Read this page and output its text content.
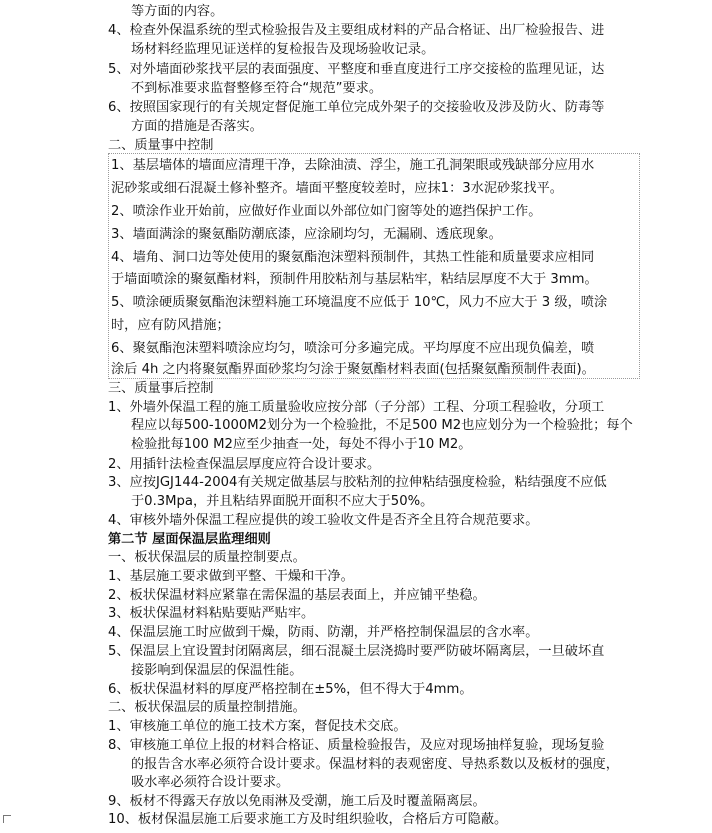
等方面的内容。
4、检查外保温系统的型式检验报告及主要组成材料的产品合格证、出厂检验报告、进
场材料经监理见证送样的复检报告及现场验收记录。
5、对外墙面砂浆找平层的表面强度、平整度和垂直度进行工序交接检的监理见证，达
不到标准要求监督整修至符合“规范”要求。
6、按照国家现行的有关规定督促施工单位完成外架子的交接验收及涉及防火、防毒等
方面的措施是否落实。
二、质量事中控制
1、基层墙体的墙面应清理干净，去除油渍、浮尘，施工孔洞架眼或残缺部分应用水
泥砂浆或细石混凝土修补整齐。墙面平整度较差时，应抹1：3水泥砂浆找平。
2、喷涂作业开始前，应做好作业面以外部位如门窗等处的遮挡保护工作。
3、墙面满涂的聚氨酯防潮底漆，应涂刷均匀，无漏刷、透底现象。
4、墙角、洞口边等处使用的聚氨酯泡沫塑料预制件，其热工性能和质量要求应相同
于墙面喷涂的聚氨酯材料，预制件用胶粘剂与基层粘牢，粘结层厚度不大于 3mm。
5、喷涂硬质聚氨酯泡沫塑料施工环境温度不应低于 10℃，风力不应大于 3 级，喷涂
时，应有防风措施；
6、聚氨酯泡沫塑料喷涂应均匀，喷涂可分多遍完成。平均厚度不应出现负偏差，喷
涂后 4h 之内将聚氨酯界面砂浆均匀涂于聚氨酯材料表面(包括聚氨酯预制件表面)。
三、质量事后控制
1、外墙外保温工程的施工质量验收应按分部（子分部）工程、分项工程验收，分项工
程应以每500-1000M2划分为一个检验批，不足500 M2也应划分为一个检验批；每个
检验批每100 M2应至少抽查一处，每处不得小于10 M2。
2、用插针法检查保温层厚度应符合设计要求。
3、应按JGJ144-2004有关规定做基层与胶粘剂的拉伸粘结强度检验，粘结强度不应低
于0.3Mpa，并且粘结界面脱开面积不应大于50%。
4、审核外墙外保温工程应提供的竣工验收文件是否齐全且符合规范要求。
第二节 屋面保温层监理细则
一、板状保温层的质量控制要点。
1、基层施工要求做到平整、干燥和干净。
2、板状保温材料应紧靠在需保温的基层表面上，并应铺平垫稳。
3、板状保温材料粘贴要贴严贴牢。
4、保温层施工时应做到干燥，防雨、防潮，并严格控制保温层的含水率。
5、保温层上宜设置封闭隔离层，细石混凝土层浇捣时要严防破坏隔离层，一旦破坏直
接影响到保温层的保温性能。
6、板状保温材料的厚度严格控制在±5%，但不得大于4mm。
二、板状保温层的质量控制措施。
1、审核施工单位的施工技术方案，督促技术交底。
8、审核施工单位上报的材料合格证、质量检验报告，及应对现场抽样复验，现场复验
的报告含水率必须符合设计要求。保温材料的表观密度、导热系数以及板材的强度，
吸水率必须符合设计要求。
9、板材不得露天存放以免雨淋及受潮，施工后及时覆盖隔离层。
10、板材保温层施工后要求施工方及时组织验收，合格后方可隐蔽。
